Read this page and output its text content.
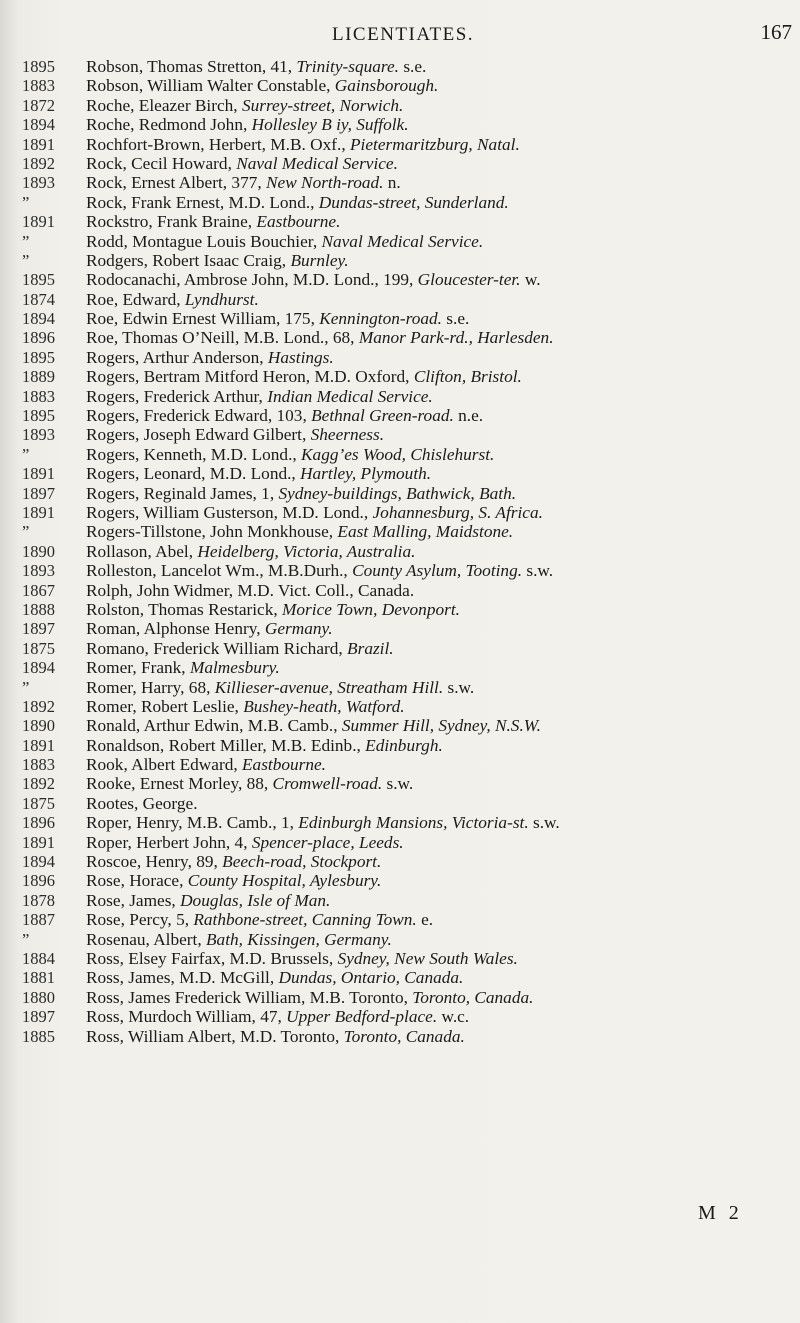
LICENTIATES.	167
1895
1883
1872
1894
1891
1892
1893
”
1891
”
”
1895
1874
1894
1896
1895
1889
1883
1895
1893
”
1891
1897
1891
”
1890
1893
1867
1888
1897
1875
1894
”
1892
1890
1891
1883
1892
1875
1896
1891
1894
1896
1878
1887
”
1884
1881
1880
1897
1885
Robson, Thomas Stretton, 41, Trinity-square. s.e.
Robson, William Walter Constable, Gainsborough.
Roche, Eleazer Birch, Surrey-street, Norwich.
Roche, Redmond John, Hollesley B iy, Suffolk.
Rochfort-Brown, Herbert, M.B. Oxf., Pietermaritzburg, Natal.
Rock, Cecil Howard, Naval Medical Service.
Rock, Ernest Albert, 377, New North-road. n.
Rock, Frank Ernest, M.D. Lond., Dundas-street, Sunderland.
Rockstro, Frank Braine, Eastbourne.
Rodd, Montague Louis Bouchier, Naval Medical Service.
Rodgers, Robert Isaac Craig, Burnley.
Rodocanachi, Ambrose John, M.D. Lond., 199, Gloucester-ter. w.
Roe, Edward, Lyndhurst.
Roe, Edwin Ernest William, 175, Kennington-road. s.e.
Roe, Thomas O’Neill, M.B. Lond., 68, Manor Park-rd., Harlesden.
Rogers, Arthur Anderson, Hastings.
Rogers, Bertram Mitford Heron, M.D. Oxford, Clifton, Bristol.
Rogers, Frederick Arthur, Indian Medical Service.
Rogers, Frederick Edward, 103, Bethnal Green-road. n.e.
Rogers, Joseph Edward Gilbert, Sheerness.
Rogers, Kenneth, M.D. Lond., Kagg’es Wood, Chislehurst.
Rogers, Leonard, M.D. Lond., Hartley, Plymouth.
Rogers, Reginald James, 1, Sydney-buildings, Bathwick, Bath.
Rogers, William Gusterson, M.D. Lond., Johannesburg, S. Africa.
Rogers-Tillstone, John Monkhouse, East Malling, Maidstone.
Rollason, Abel, Heidelberg, Victoria, Australia.
Rolleston, Lancelot Wm., M.B.Durh., County Asylum, Tooting. s.w.
Rolph, John Widmer, M.D. Vict. Coll., Canada.
Rolston, Thomas Restarick, Morice Town, Devonport.
Roman, Alphonse Henry, Germany.
Romano, Frederick William Richard, Brazil.
Romer, Frank, Malmesbury.
Romer, Harry, 68, Killieser-avenue, Streatham Hill. s.w.
Romer, Robert Leslie, Bushey-heath, Watford.
Ronald, Arthur Edwin, M.B. Camb., Summer Hill, Sydney, N.S.W.
Ronaldson, Robert Miller, M.B. Edinb., Edinburgh.
Rook, Albert Edward, Eastbourne.
Rooke, Ernest Morley, 88, Cromwell-road. s.w.
Rootes, George.
Roper, Henry, M.B. Camb., 1, Edinburgh Mansions, Victoria-st. s.w.
Roper, Herbert John, 4, Spencer-place, Leeds.
Roscoe, Henry, 89, Beech-road, Stockport.
Rose, Horace, County Hospital, Aylesbury.
Rose, James, Douglas, Isle of Man.
Rose, Percy, 5, Rathbone-street, Canning Town. e.
Rosenau, Albert, Bath, Kissingen, Germany.
Ross, Elsey Fairfax, M.D. Brussels, Sydney, New South Wales.
Ross, James, M.D. McGill, Dundas, Ontario, Canada.
Ross, James Frederick William, M.B. Toronto, Toronto, Canada.
Ross, Murdoch William, 47, Upper Bedford-place. w.c.
Ross, William Albert, M.D. Toronto, Toronto, Canada.
M 2
